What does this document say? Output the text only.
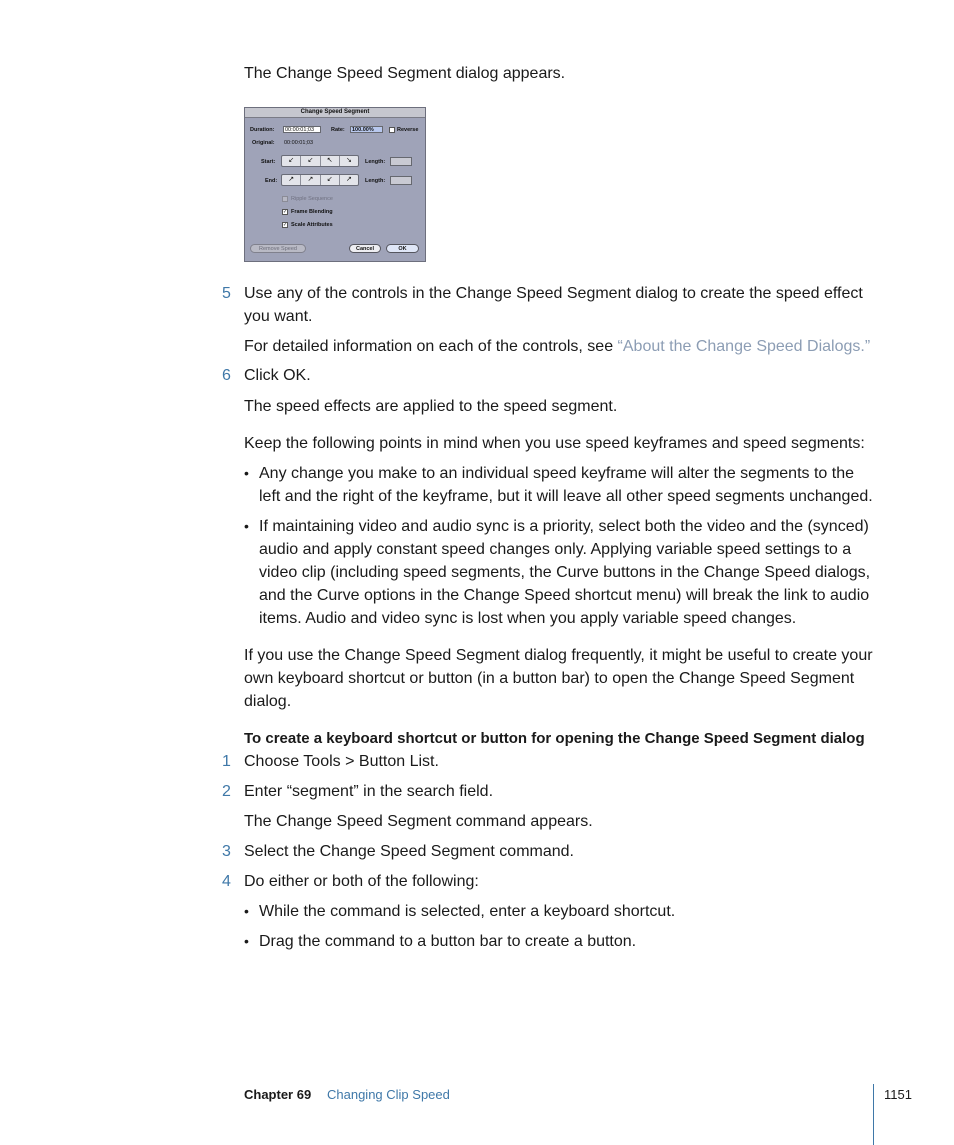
The Change Speed Segment dialog appears.
Change Speed Segment
Duration:	00:00:01;03	Rate:	100.00%	Reverse
Original: 00:00:01;03
Start:	↙	↙	↖	↘	Length:
End:	↗	↗	↙	↗	Length:
Ripple Sequence
✓ Frame Blending
✓ Scale Attributes
Remove Speed	Cancel	OK
5 Use any of the controls in the Change Speed Segment dialog to create the speed effect
you want.
For detailed information on each of the controls, see “About the Change Speed Dialogs.”
6 Click OK.
The speed effects are applied to the speed segment.
Keep the following points in mind when you use speed keyframes and speed segments:
• Any change you make to an individual speed keyframe will alter the segments to the
left and the right of the keyframe, but it will leave all other speed segments unchanged.
• If maintaining video and audio sync is a priority, select both the video and the (synced)
audio and apply constant speed changes only. Applying variable speed settings to a
video clip (including speed segments, the Curve buttons in the Change Speed dialogs,
and the Curve options in the Change Speed shortcut menu) will break the link to audio
items. Audio and video sync is lost when you apply variable speed changes.
If you use the Change Speed Segment dialog frequently, it might be useful to create your
own keyboard shortcut or button (in a button bar) to open the Change Speed Segment
dialog.
To create a keyboard shortcut or button for opening the Change Speed Segment dialog
1 Choose Tools > Button List.
2 Enter “segment” in the search field.
The Change Speed Segment command appears.
3 Select the Change Speed Segment command.
4 Do either or both of the following:
• While the command is selected, enter a keyboard shortcut.
• Drag the command to a button bar to create a button.
Chapter 69 Changing Clip Speed	1151
